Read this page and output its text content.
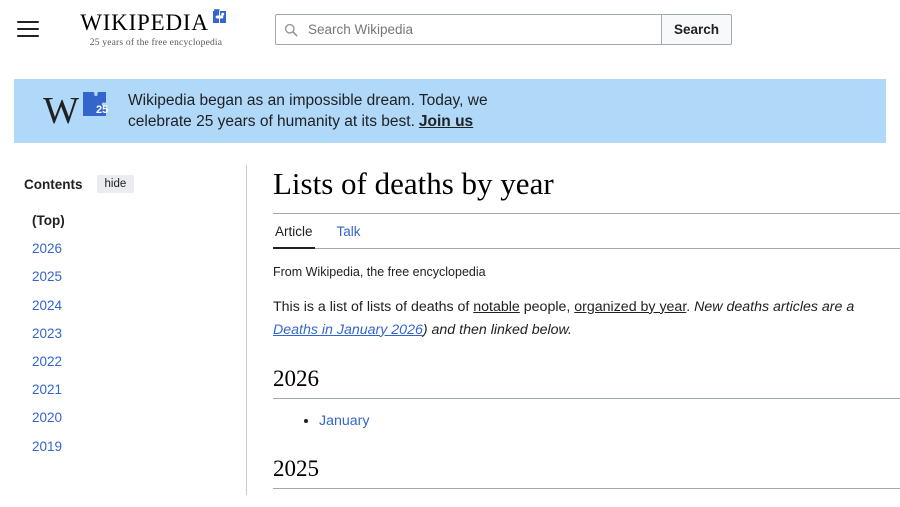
WIKIPEDIA
25 years of the free encyclopedia
Search Wikipedia
Search
W 25
Wikipedia began as an impossible dream. Today, we
celebrate 25 years of humanity at its best. Join us
Contents	hide
(Top)
2026
2025
2024
2023
2022
2021
2020
2019
Lists of deaths by year
Article Talk
From Wikipedia, the free encyclopedia

This is a list of lists of deaths of notable people, organized by year. New deaths articles are a
Deaths in January 2026) and then linked below.

2026
• January
2025
